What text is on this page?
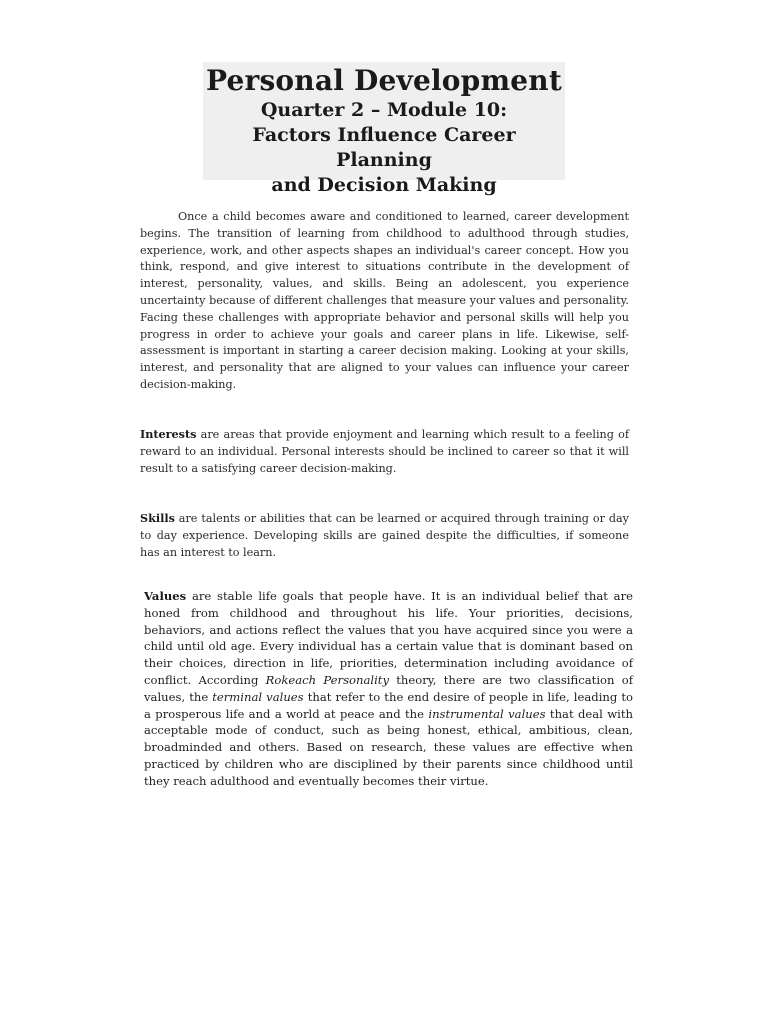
Personal Development
Quarter 2 – Module 10:
Factors Influence Career Planning
and Decision Making

Once a child becomes aware and conditioned to learned, career development begins. The transition of learning from childhood to adulthood through studies, experience, work, and other aspects shapes an individual's career concept. How you think, respond, and give interest to situations contribute in the development of interest, personality, values, and skills. Being an adolescent, you experience uncertainty because of different challenges that measure your values and personality. Facing these challenges with appropriate behavior and personal skills will help you progress in order to achieve your goals and career plans in life. Likewise, self-assessment is important in starting a career decision making. Looking at your skills, interest, and personality that are aligned to your values can influence your career decision-making.

Interests are areas that provide enjoyment and learning which result to a feeling of reward to an individual. Personal interests should be inclined to career so that it will result to a satisfying career decision-making.

Skills are talents or abilities that can be learned or acquired through training or day to day experience. Developing skills are gained despite the difficulties, if someone has an interest to learn.

Values are stable life goals that people have. It is an individual belief that are honed from childhood and throughout his life. Your priorities, decisions, behaviors, and actions reflect the values that you have acquired since you were a child until old age. Every individual has a certain value that is dominant based on their choices, direction in life, priorities, determination including avoidance of conflict. According Rokeach Personality theory, there are two classification of values, the terminal values that refer to the end desire of people in life, leading to a prosperous life and a world at peace and the instrumental values that deal with acceptable mode of conduct, such as being honest, ethical, ambitious, clean, broadminded and others. Based on research, these values are effective when practiced by children who are disciplined by their parents since childhood until they reach adulthood and eventually becomes their virtue.
